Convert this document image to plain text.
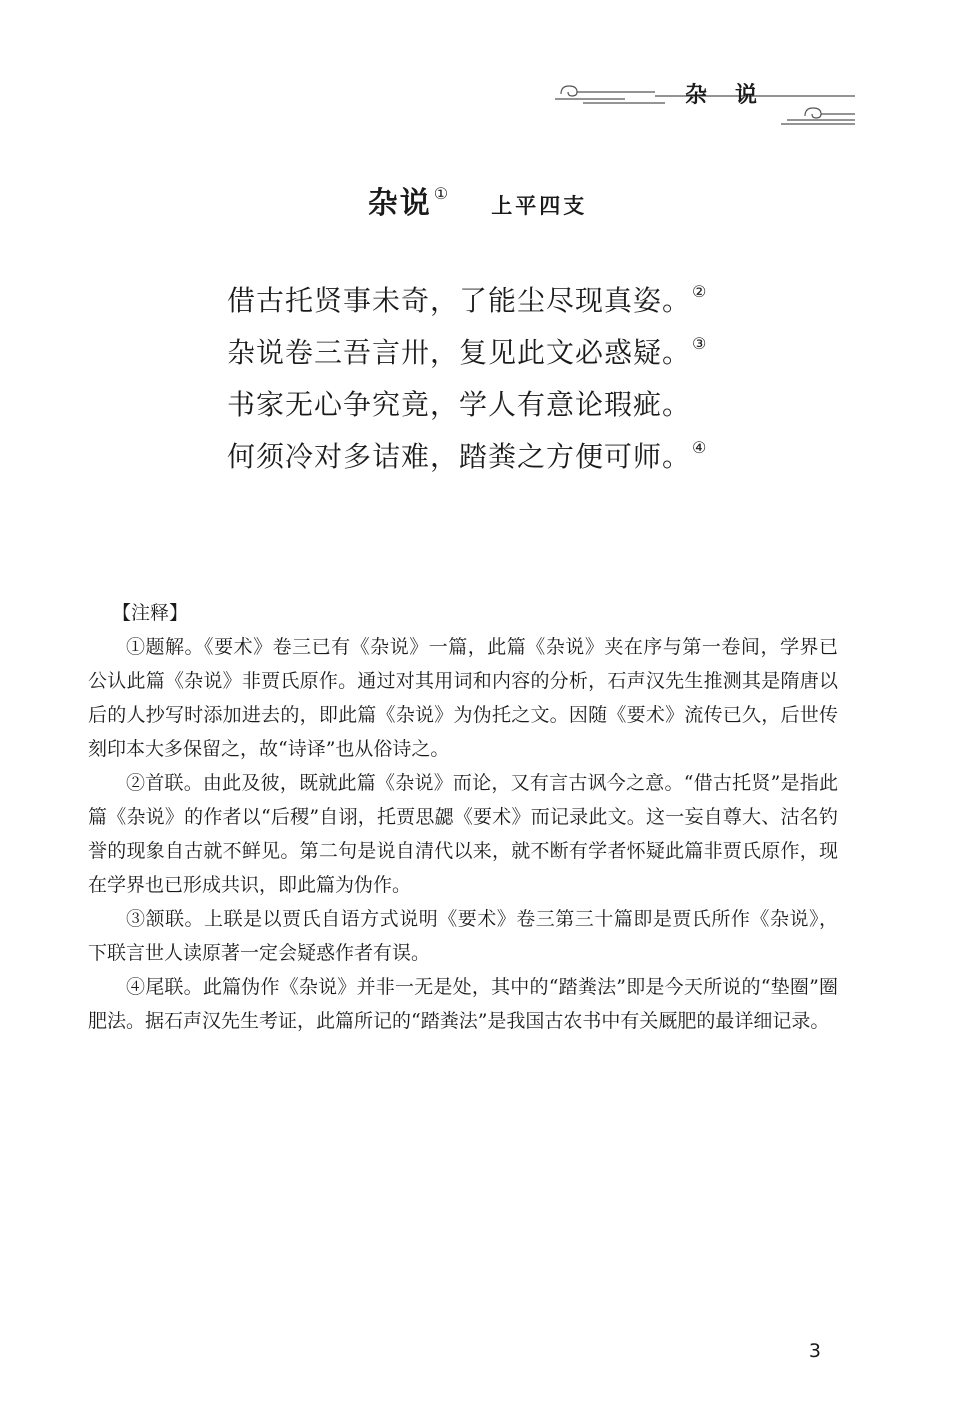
杂说
杂说 ① 上平四支
借古托贤事未奇，了能尘尽现真姿。②
杂说卷三吾言卅，复见此文必惑疑。③
书家无心争究竟，学人有意论瑕疵。
何须冷对多诘难，踏粪之方便可师。④
【注释】

①题解。《要术》卷三已有《杂说》一篇，此篇《杂说》夹在序与第一卷间，学界已公认此篇《杂说》非贾氏原作。通过对其用词和内容的分析，石声汉先生推测其是隋唐以后的人抄写时添加进去的，即此篇《杂说》为伪托之文。因随《要术》流传已久，后世传刻印本大多保留之，故“诗译”也从俗诗之。

②首联。由此及彼，既就此篇《杂说》而论，又有言古讽今之意。“借古托贤”是指此篇《杂说》的作者以“后稷”自诩，托贾思勰《要术》而记录此文。这一妄自尊大、沽名钓誉的现象自古就不鲜见。第二句是说自清代以来，就不断有学者怀疑此篇非贾氏原作，现在学界也已形成共识，即此篇为伪作。

③颔联。上联是以贾氏自语方式说明《要术》卷三第三十篇即是贾氏所作《杂说》，下联言世人读原著一定会疑惑作者有误。

④尾联。此篇伪作《杂说》并非一无是处，其中的“踏粪法”即是今天所说的“垫圈”圈肥法。据石声汉先生考证，此篇所记的“踏粪法”是我国古农书中有关厩肥的最详细记录。

3
